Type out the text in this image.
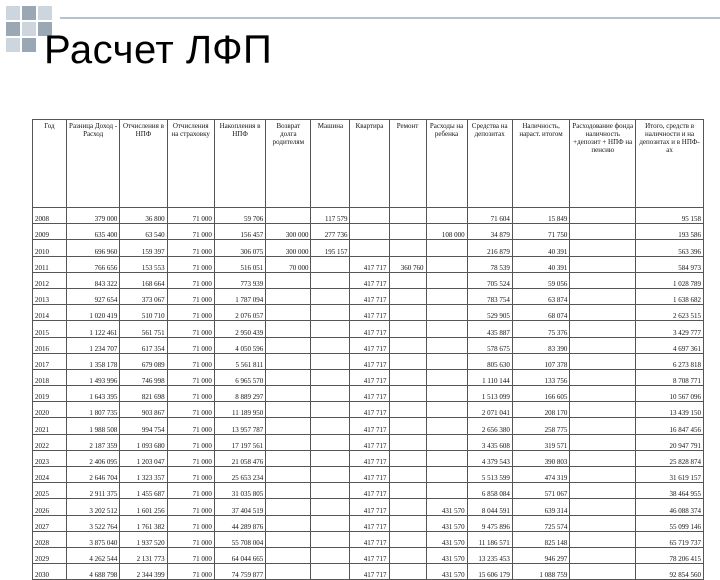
Расчет ЛФП
Год	Разница Доход - Расход	Отчисления в НПФ	Отчисления на страховку	Накопления в НПФ	Возврат долга родителям	Машина	Квартира	Ремонт	Расходы на ребенка	Средства на депозитах	Наличность, нараст. итогом	Расходование фонда наличность +депозит + НПФ на пенсию	Итого, средств в наличности и на депозитах и в НПФ-ах
2008	379 000	36 800	71 000	59 706		117 579				71 604	15 849		95 158
2009	635 400	63 540	71 000	156 457	300 000	277 736			108 000	34 879	71 750		193 586
2010	696 960	159 397	71 000	306 075	300 000	195 157				216 879	40 391		563 396
2011	766 656	153 553	71 000	516 051	70 000		417 717	360 760		78 539	40 391		584 973
2012	843 322	168 664	71 000	773 939			417 717			705 524	59 056		1 028 789
2013	927 654	373 067	71 000	1 787 094			417 717			783 754	63 874		1 638 682
2014	1 020 419	510 710	71 000	2 076 057			417 717			529 905	68 074		2 623 515
2015	1 122 461	561 751	71 000	2 950 439			417 717			435 887	75 376		3 429 777
2016	1 234 707	617 354	71 000	4 050 596			417 717			578 675	83 390		4 697 361
2017	1 358 178	679 089	71 000	5 561 811			417 717			805 630	107 378		6 273 818
2018	1 493 996	746 998	71 000	6 965 570			417 717			1 110 144	133 756		8 708 771
2019	1 643 395	821 698	71 000	8 889 297			417 717			1 513 099	166 605		10 567 096
2020	1 807 735	903 867	71 000	11 189 950			417 717			2 071 041	208 170		13 439 150
2021	1 988 508	994 754	71 000	13 957 787			417 717			2 656 380	258 775		16 847 456
2022	2 187 359	1 093 680	71 000	17 197 561			417 717			3 435 608	319 571		20 947 791
2023	2 406 095	1 203 047	71 000	21 058 476			417 717			4 379 543	390 803		25 828 874
2024	2 646 704	1 323 357	71 000	25 653 234			417 717			5 513 599	474 319		31 619 157
2025	2 911 375	1 455 687	71 000	31 035 805			417 717			6 858 084	571 067		38 464 955
2026	3 202 512	1 601 256	71 000	37 404 519			417 717		431 570	8 044 591	639 314		46 088 374
2027	3 522 764	1 761 382	71 000	44 289 876			417 717		431 570	9 475 896	725 574		55 099 146
2028	3 875 040	1 937 520	71 000	55 708 004			417 717		431 570	11 186 571	825 148		65 719 737
2029	4 262 544	2 131 773	71 000	64 044 665			417 717		431 570	13 235 453	946 297		78 206 415
2030	4 688 798	2 344 399	71 000	74 759 877			417 717		431 570	15 606 179	1 088 759		92 854 560
